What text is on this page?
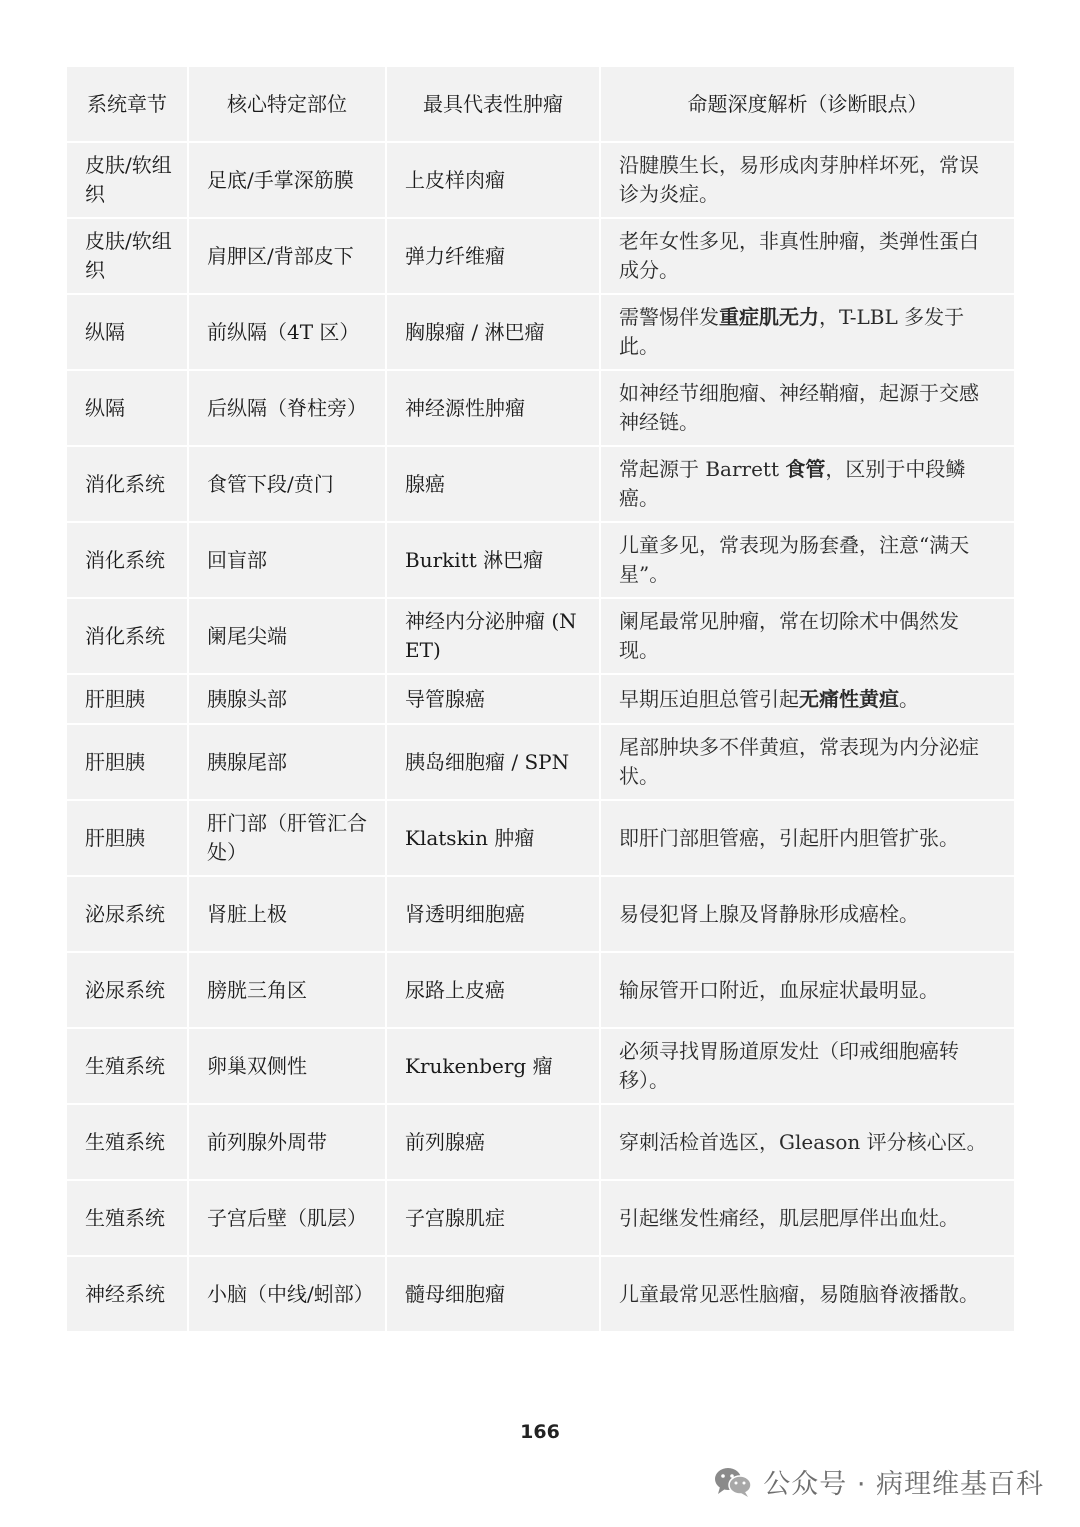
系统章节	核心特定部位	最具代表性肿瘤	命题深度解析（诊断眼点）
皮肤/软组织	足底/手掌深筋膜	上皮样肉瘤	沿腱膜生长，易形成肉芽肿样坏死，常误诊为炎症。
皮肤/软组织	肩胛区/背部皮下	弹力纤维瘤	老年女性多见，非真性肿瘤，类弹性蛋白成分。
纵隔	前纵隔（4T 区）	胸腺瘤 / 淋巴瘤	需警惕伴发重症肌无力，T-LBL 多发于此。
纵隔	后纵隔（脊柱旁）	神经源性肿瘤	如神经节细胞瘤、神经鞘瘤，起源于交感神经链。
消化系统	食管下段/贲门	腺癌	常起源于 Barrett 食管，区别于中段鳞癌。
消化系统	回盲部	Burkitt 淋巴瘤	儿童多见，常表现为肠套叠，注意“满天星”。
消化系统	阑尾尖端	神经内分泌肿瘤 (NET)	阑尾最常见肿瘤，常在切除术中偶然发现。
肝胆胰	胰腺头部	导管腺癌	早期压迫胆总管引起无痛性黄疸。
肝胆胰	胰腺尾部	胰岛细胞瘤 / SPN	尾部肿块多不伴黄疸，常表现为内分泌症状。
肝胆胰	肝门部（肝管汇合处）	Klatskin 肿瘤	即肝门部胆管癌，引起肝内胆管扩张。
泌尿系统	肾脏上极	肾透明细胞癌	易侵犯肾上腺及肾静脉形成癌栓。
泌尿系统	膀胱三角区	尿路上皮癌	输尿管开口附近，血尿症状最明显。
生殖系统	卵巢双侧性	Krukenberg 瘤	必须寻找胃肠道原发灶（印戒细胞癌转移）。
生殖系统	前列腺外周带	前列腺癌	穿刺活检首选区，Gleason 评分核心区。
生殖系统	子宫后壁（肌层）	子宫腺肌症	引起继发性痛经，肌层肥厚伴出血灶。
神经系统	小脑（中线/蚓部）	髓母细胞瘤	儿童最常见恶性脑瘤，易随脑脊液播散。
166
公众号 · 病理维基百科
